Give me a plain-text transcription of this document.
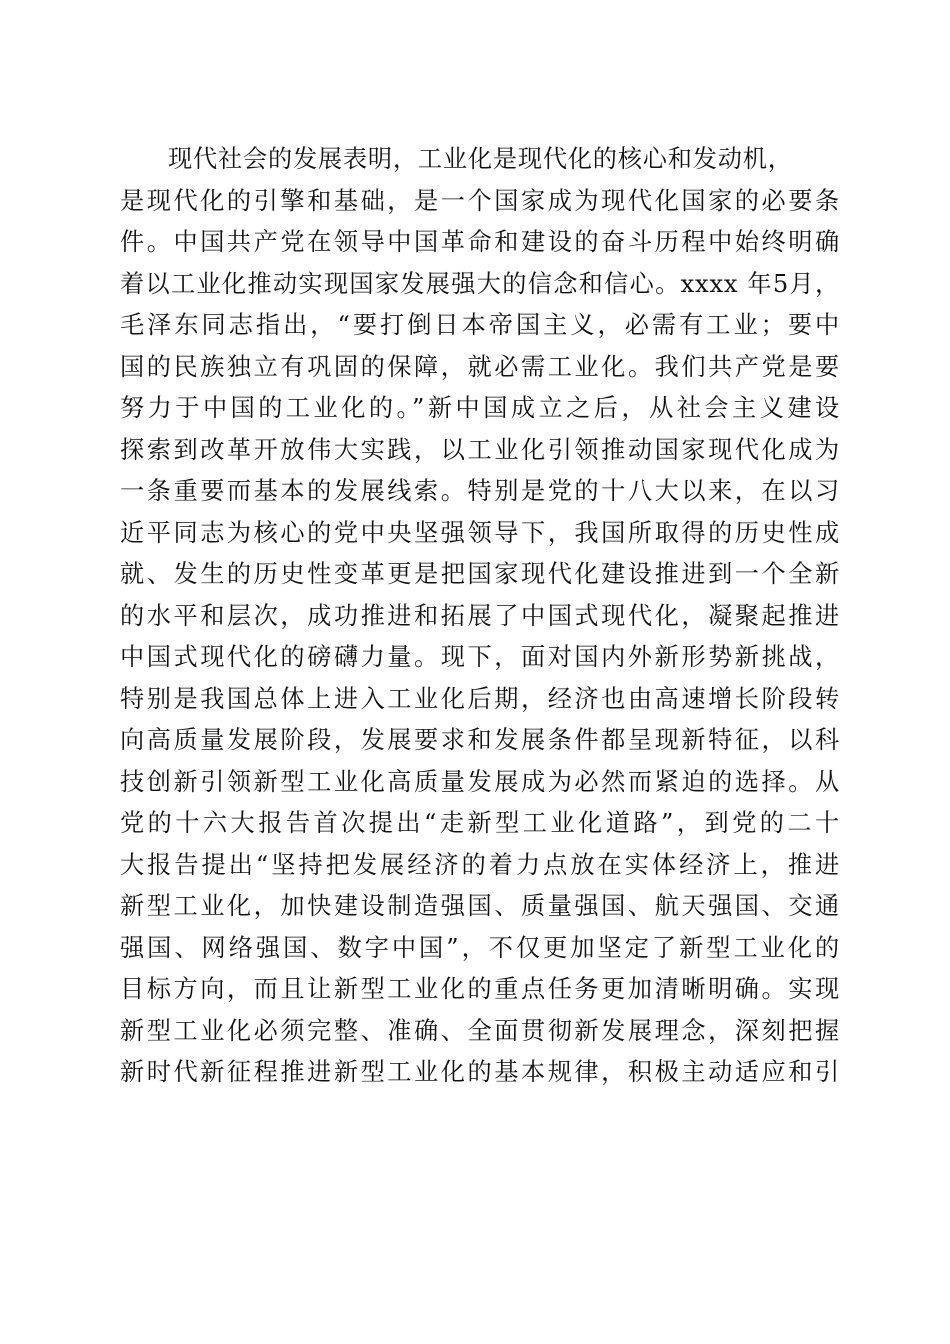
现代社会的发展表明，工业化是现代化的核心和发动机，
是现代化的引擎和基础，是一个国家成为现代化国家的必要条
件。中国共产党在领导中国革命和建设的奋斗历程中始终明确
着以工业化推动实现国家发展强大的信念和信心。xxxx 年5月，
毛泽东同志指出，“要打倒日本帝国主义，必需有工业；要中
国的民族独立有巩固的保障，就必需工业化。我们共产党是要
努力于中国的工业化的。”新中国成立之后，从社会主义建设
探索到改革开放伟大实践，以工业化引领推动国家现代化成为
一条重要而基本的发展线索。特别是党的十八大以来，在以习
近平同志为核心的党中央坚强领导下，我国所取得的历史性成
就、发生的历史性变革更是把国家现代化建设推进到一个全新
的水平和层次，成功推进和拓展了中国式现代化，凝聚起推进
中国式现代化的磅礴力量。现下，面对国内外新形势新挑战，
特别是我国总体上进入工业化后期，经济也由高速增长阶段转
向高质量发展阶段，发展要求和发展条件都呈现新特征，以科
技创新引领新型工业化高质量发展成为必然而紧迫的选择。从
党的十六大报告首次提出“走新型工业化道路”，到党的二十
大报告提出“坚持把发展经济的着力点放在实体经济上，推进
新型工业化，加快建设制造强国、质量强国、航天强国、交通
强国、网络强国、数字中国”，不仅更加坚定了新型工业化的
目标方向，而且让新型工业化的重点任务更加清晰明确。实现
新型工业化必须完整、准确、全面贯彻新发展理念，深刻把握
新时代新征程推进新型工业化的基本规律，积极主动适应和引
